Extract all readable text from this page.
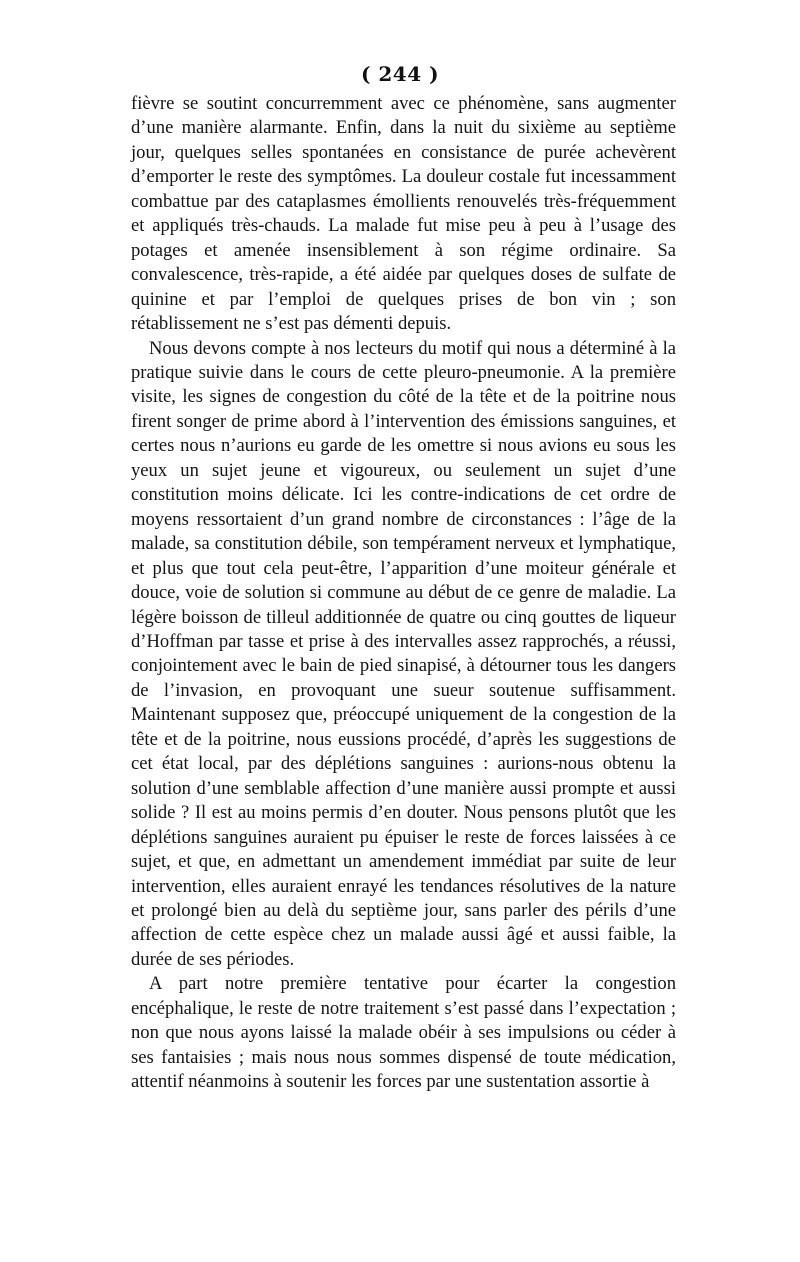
( 244 )

fièvre se soutint concurremment avec ce phénomène, sans augmenter d’une manière alarmante. Enfin, dans la nuit du sixième au septième jour, quelques selles spontanées en consistance de purée achevèrent d’emporter le reste des symptômes. La douleur costale fut incessamment combattue par des cataplasmes émollients renouvelés très-fréquemment et appliqués très-chauds. La malade fut mise peu à peu à l’usage des potages et amenée insensiblement à son régime ordinaire. Sa convalescence, très-rapide, a été aidée par quelques doses de sulfate de quinine et par l’emploi de quelques prises de bon vin ; son rétablissement ne s’est pas démenti depuis.

Nous devons compte à nos lecteurs du motif qui nous a déterminé à la pratique suivie dans le cours de cette pleuro-pneumonie. A la première visite, les signes de congestion du côté de la tête et de la poitrine nous firent songer de prime abord à l’intervention des émissions sanguines, et certes nous n’aurions eu garde de les omettre si nous avions eu sous les yeux un sujet jeune et vigoureux, ou seulement un sujet d’une constitution moins délicate. Ici les contre-indications de cet ordre de moyens ressortaient d’un grand nombre de circonstances : l’âge de la malade, sa constitution débile, son tempérament nerveux et lymphatique, et plus que tout cela peut-être, l’apparition d’une moiteur générale et douce, voie de solution si commune au début de ce genre de maladie. La légère boisson de tilleul additionnée de quatre ou cinq gouttes de liqueur d’Hoffman par tasse et prise à des intervalles assez rapprochés, a réussi, conjointement avec le bain de pied sinapisé, à détourner tous les dangers de l’invasion, en provoquant une sueur soutenue suffisamment. Maintenant supposez que, préoccupé uniquement de la congestion de la tête et de la poitrine, nous eussions procédé, d’après les suggestions de cet état local, par des déplétions sanguines : aurions-nous obtenu la solution d’une semblable affection d’une manière aussi prompte et aussi solide ? Il est au moins permis d’en douter. Nous pensons plutôt que les déplétions sanguines auraient pu épuiser le reste de forces laissées à ce sujet, et que, en admettant un amendement immédiat par suite de leur intervention, elles auraient enrayé les tendances résolutives de la nature et prolongé bien au delà du septième jour, sans parler des périls d’une affection de cette espèce chez un malade aussi âgé et aussi faible, la durée de ses périodes.

A part notre première tentative pour écarter la congestion encéphalique, le reste de notre traitement s’est passé dans l’expectation ; non que nous ayons laissé la malade obéir à ses impulsions ou céder à ses fantaisies ; mais nous nous sommes dispensé de toute médication, attentif néanmoins à soutenir les forces par une sustentation assortie à
